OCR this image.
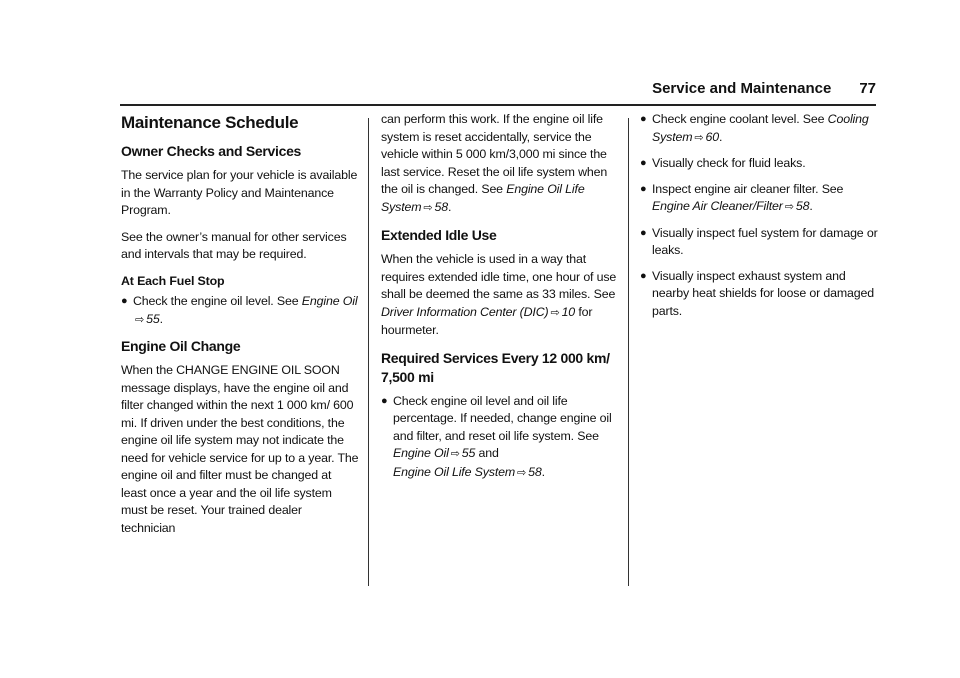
Service and Maintenance 77
Maintenance Schedule
Owner Checks and Services

The service plan for your vehicle is available in the Warranty Policy and Maintenance Program.

See the owner’s manual for other services and intervals that may be required.

At Each Fuel Stop
● Check the engine oil level. See Engine Oil
⇨ 55.
Engine Oil Change

When the CHANGE ENGINE OIL SOON message displays, have the engine oil and filter changed within the next 1 000 km/ 600 mi. If driven under the best conditions, the engine oil life system may not indicate the need for vehicle service for up to a year. The engine oil and filter must be changed at least once a year and the oil life system must be reset. Your trained dealer technician

can perform this work. If the engine oil life system is reset accidentally, service the vehicle within 5 000 km/3,000 mi since the last service. Reset the oil life system when the oil is changed. See Engine Oil Life System ⇨ 58.

Extended Idle Use

When the vehicle is used in a way that requires extended idle time, one hour of use shall be deemed the same as 33 miles. See Driver Information Center (DIC) ⇨ 10 for hourmeter.

Required Services Every 12 000 km/ 7,500 mi
● Check engine oil level and oil life percentage. If needed, change engine oil and filter, and reset oil life system. See Engine Oil ⇨ 55 and
Engine Oil Life System ⇨ 58.
● Check engine coolant level. See Cooling System ⇨ 60.
● Visually check for fluid leaks.
● Inspect engine air cleaner filter. See Engine Air Cleaner/Filter ⇨ 58.
● Visually inspect fuel system for damage or leaks.
● Visually inspect exhaust system and nearby heat shields for loose or damaged parts.
